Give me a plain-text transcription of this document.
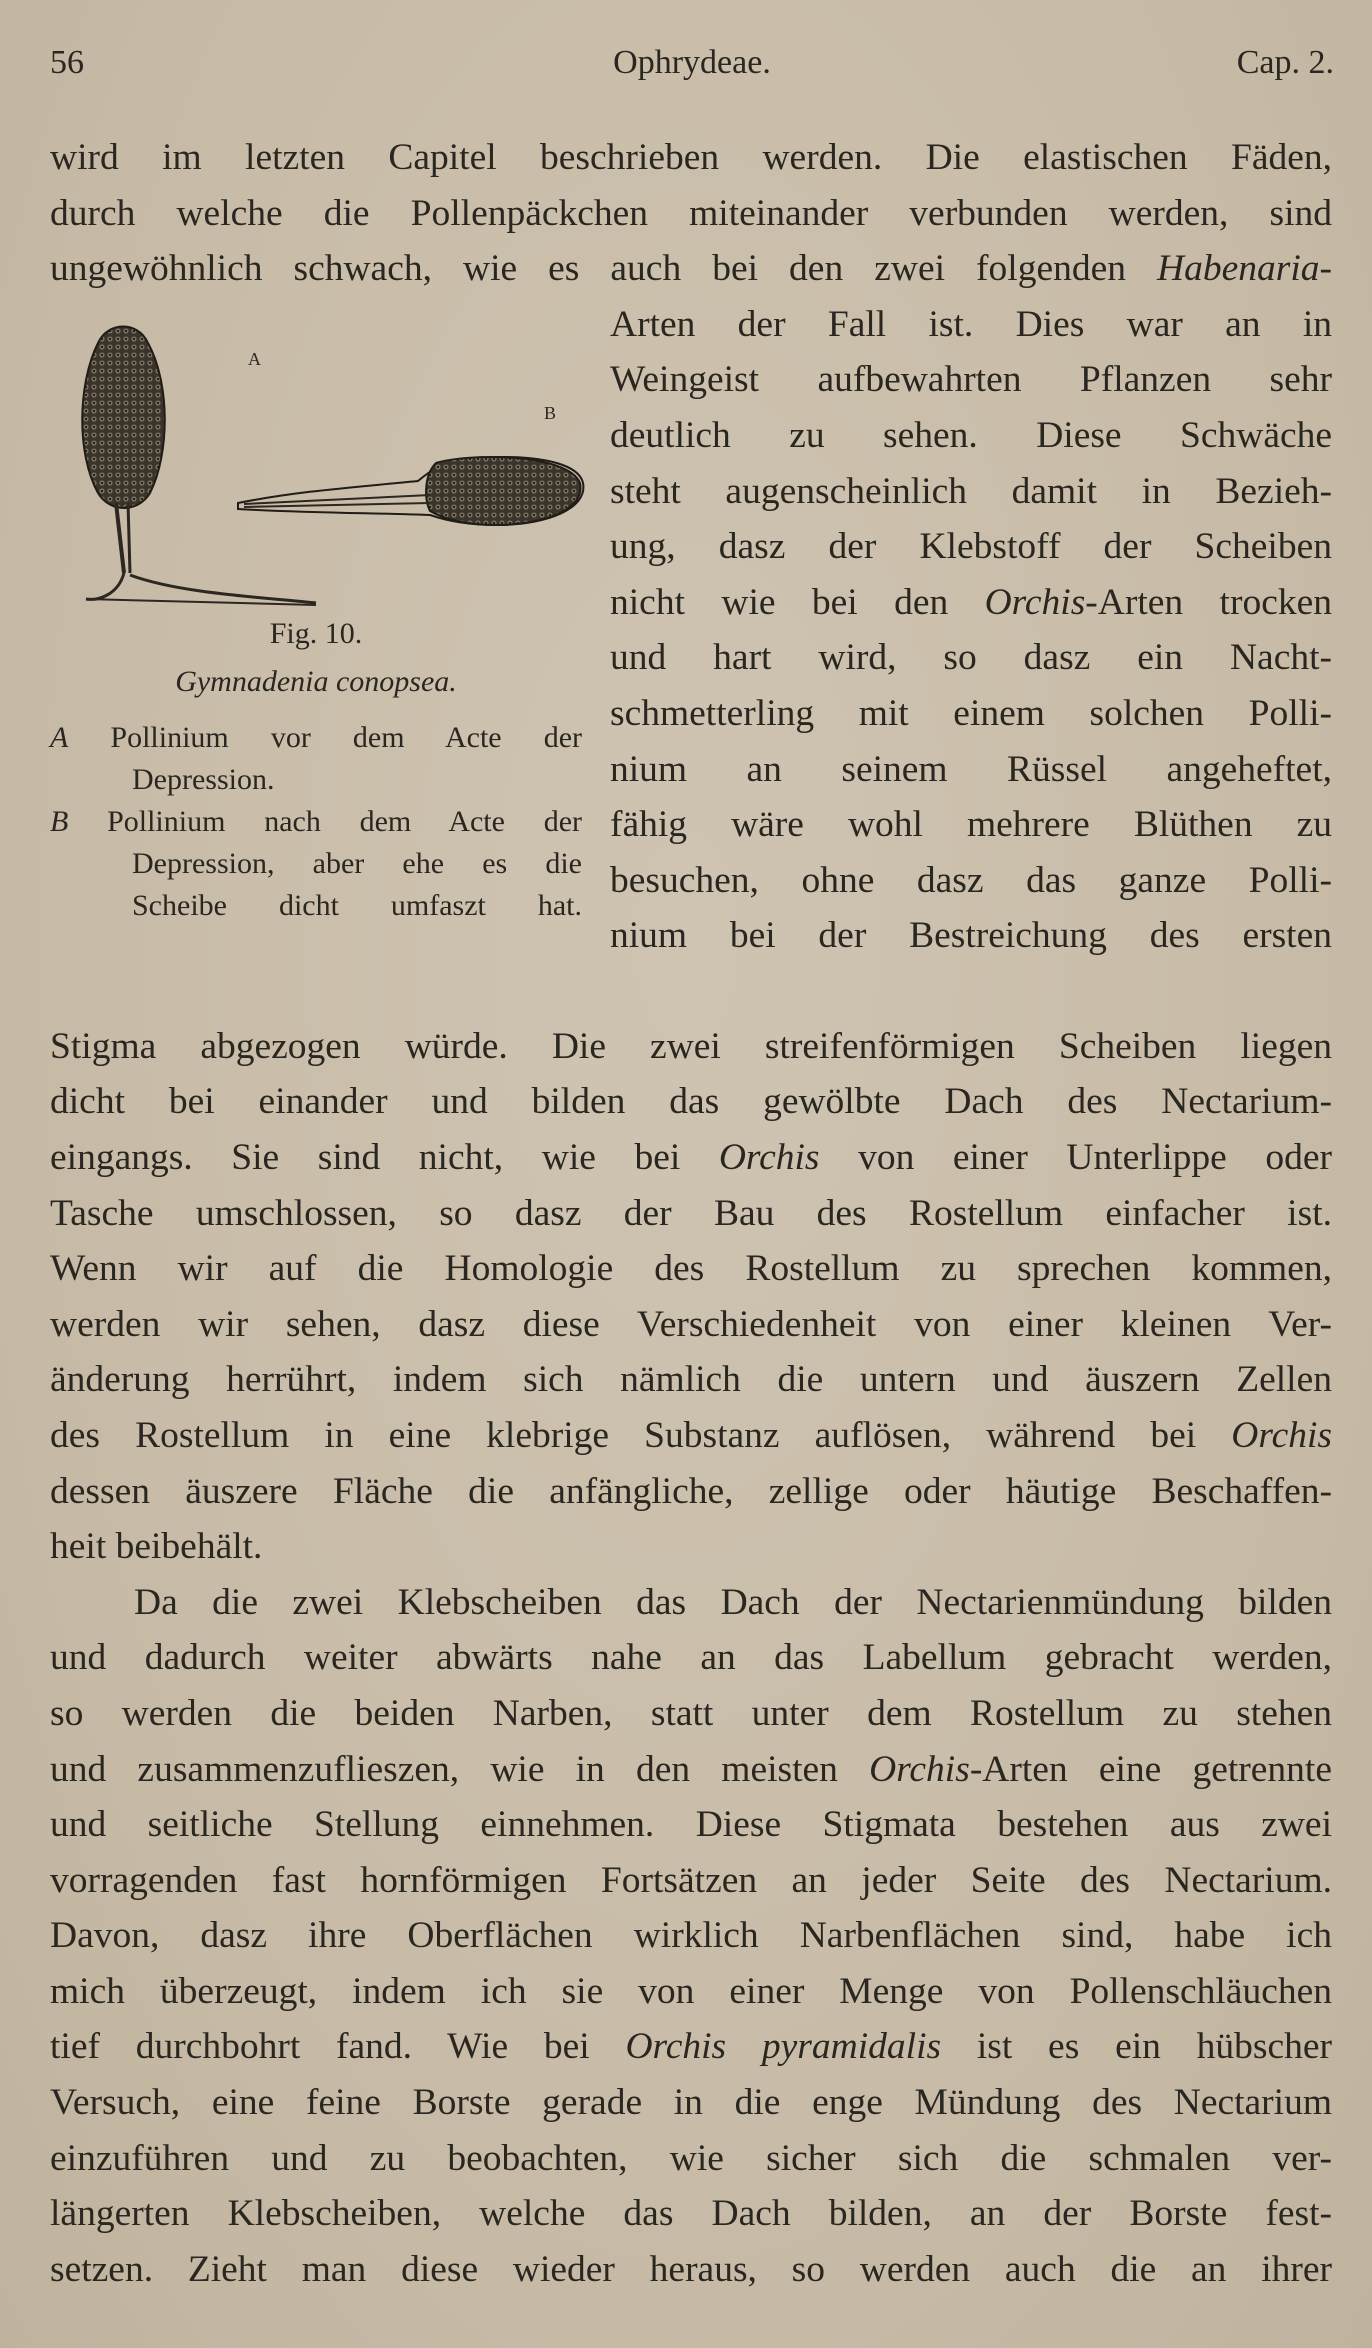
56	Ophrydeae.	Cap. 2.
wird im letzten Capitel beschrieben werden. Die elastischen Fäden,
durch welche die Pollenpäckchen miteinander verbunden werden, sind
ungewöhnlich schwach, wie es auch bei den zwei folgenden Habenaria-
A
B
Fig. 10.
Gymnadenia conopsea.
A Pollinium vor dem Acte der
Depression.
B Pollinium nach dem Acte der
Depression, aber ehe es die
Scheibe dicht umfaszt hat.
Arten der Fall ist. Dies war an in
Weingeist aufbewahrten Pflanzen sehr
deutlich zu sehen. Diese Schwäche
steht augenscheinlich damit in Bezieh-
ung, dasz der Klebstoff der Scheiben
nicht wie bei den Orchis-Arten trocken
und hart wird, so dasz ein Nacht-
schmetterling mit einem solchen Polli-
nium an seinem Rüssel angeheftet,
fähig wäre wohl mehrere Blüthen zu
besuchen, ohne dasz das ganze Polli-
nium bei der Bestreichung des ersten
Stigma abgezogen würde. Die zwei streifenförmigen Scheiben liegen
dicht bei einander und bilden das gewölbte Dach des Nectarium-
eingangs. Sie sind nicht, wie bei Orchis von einer Unterlippe oder
Tasche umschlossen, so dasz der Bau des Rostellum einfacher ist.
Wenn wir auf die Homologie des Rostellum zu sprechen kommen,
werden wir sehen, dasz diese Verschiedenheit von einer kleinen Ver-
änderung herrührt, indem sich nämlich die untern und äuszern Zellen
des Rostellum in eine klebrige Substanz auflösen, während bei Orchis
dessen äuszere Fläche die anfängliche, zellige oder häutige Beschaffen-
heit beibehält.
Da die zwei Klebscheiben das Dach der Nectarienmündung bilden
und dadurch weiter abwärts nahe an das Labellum gebracht werden,
so werden die beiden Narben, statt unter dem Rostellum zu stehen
und zusammenzuflieszen, wie in den meisten Orchis-Arten eine getrennte
und seitliche Stellung einnehmen. Diese Stigmata bestehen aus zwei
vorragenden fast hornförmigen Fortsätzen an jeder Seite des Nectarium.
Davon, dasz ihre Oberflächen wirklich Narbenflächen sind, habe ich
mich überzeugt, indem ich sie von einer Menge von Pollenschläuchen
tief durchbohrt fand. Wie bei Orchis pyramidalis ist es ein hübscher
Versuch, eine feine Borste gerade in die enge Mündung des Nectarium
einzuführen und zu beobachten, wie sicher sich die schmalen ver-
längerten Klebscheiben, welche das Dach bilden, an der Borste fest-
setzen. Zieht man diese wieder heraus, so werden auch die an ihrer
